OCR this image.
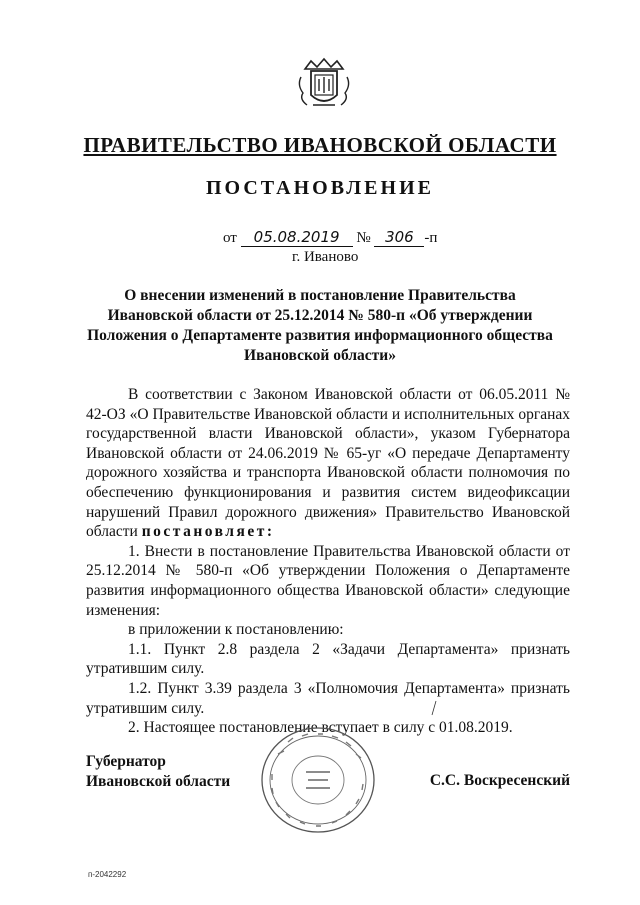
ПРАВИТЕЛЬСТВО ИВАНОВСКОЙ ОБЛАСТИ
ПОСТАНОВЛЕНИЕ
от 05.08.2019 № 306 -п
г. Иваново
О внесении изменений в постановление Правительства Ивановской области от 25.12.2014 № 580-п «Об утверждении Положения о Департаменте развития информационного общества Ивановской области»

В соответствии с Законом Ивановской области от 06.05.2011 № 42-ОЗ «О Правительстве Ивановской области и исполнительных органах государственной власти Ивановской области», указом Губернатора Ивановской области от 24.06.2019 № 65-уг «О передаче Департаменту дорожного хозяйства и транспорта Ивановской области полномочия по обеспечению функционирования и развития систем видеофиксации нарушений Правил дорожного движения» Правительство Ивановской области постановляет:

1. Внести в постановление Правительства Ивановской области от 25.12.2014 № 580-п «Об утверждении Положения о Департаменте развития информационного общества Ивановской области» следующие изменения:

в приложении к постановлению:

1.1. Пункт 2.8 раздела 2 «Задачи Департамента» признать утратившим силу.

1.2. Пункт 3.39 раздела 3 «Полномочия Департамента» признать утратившим силу.

2. Настоящее постановление вступает в силу с 01.08.2019.

Губернатор
Ивановской области	С.С. Воскресенский
п-2042292
